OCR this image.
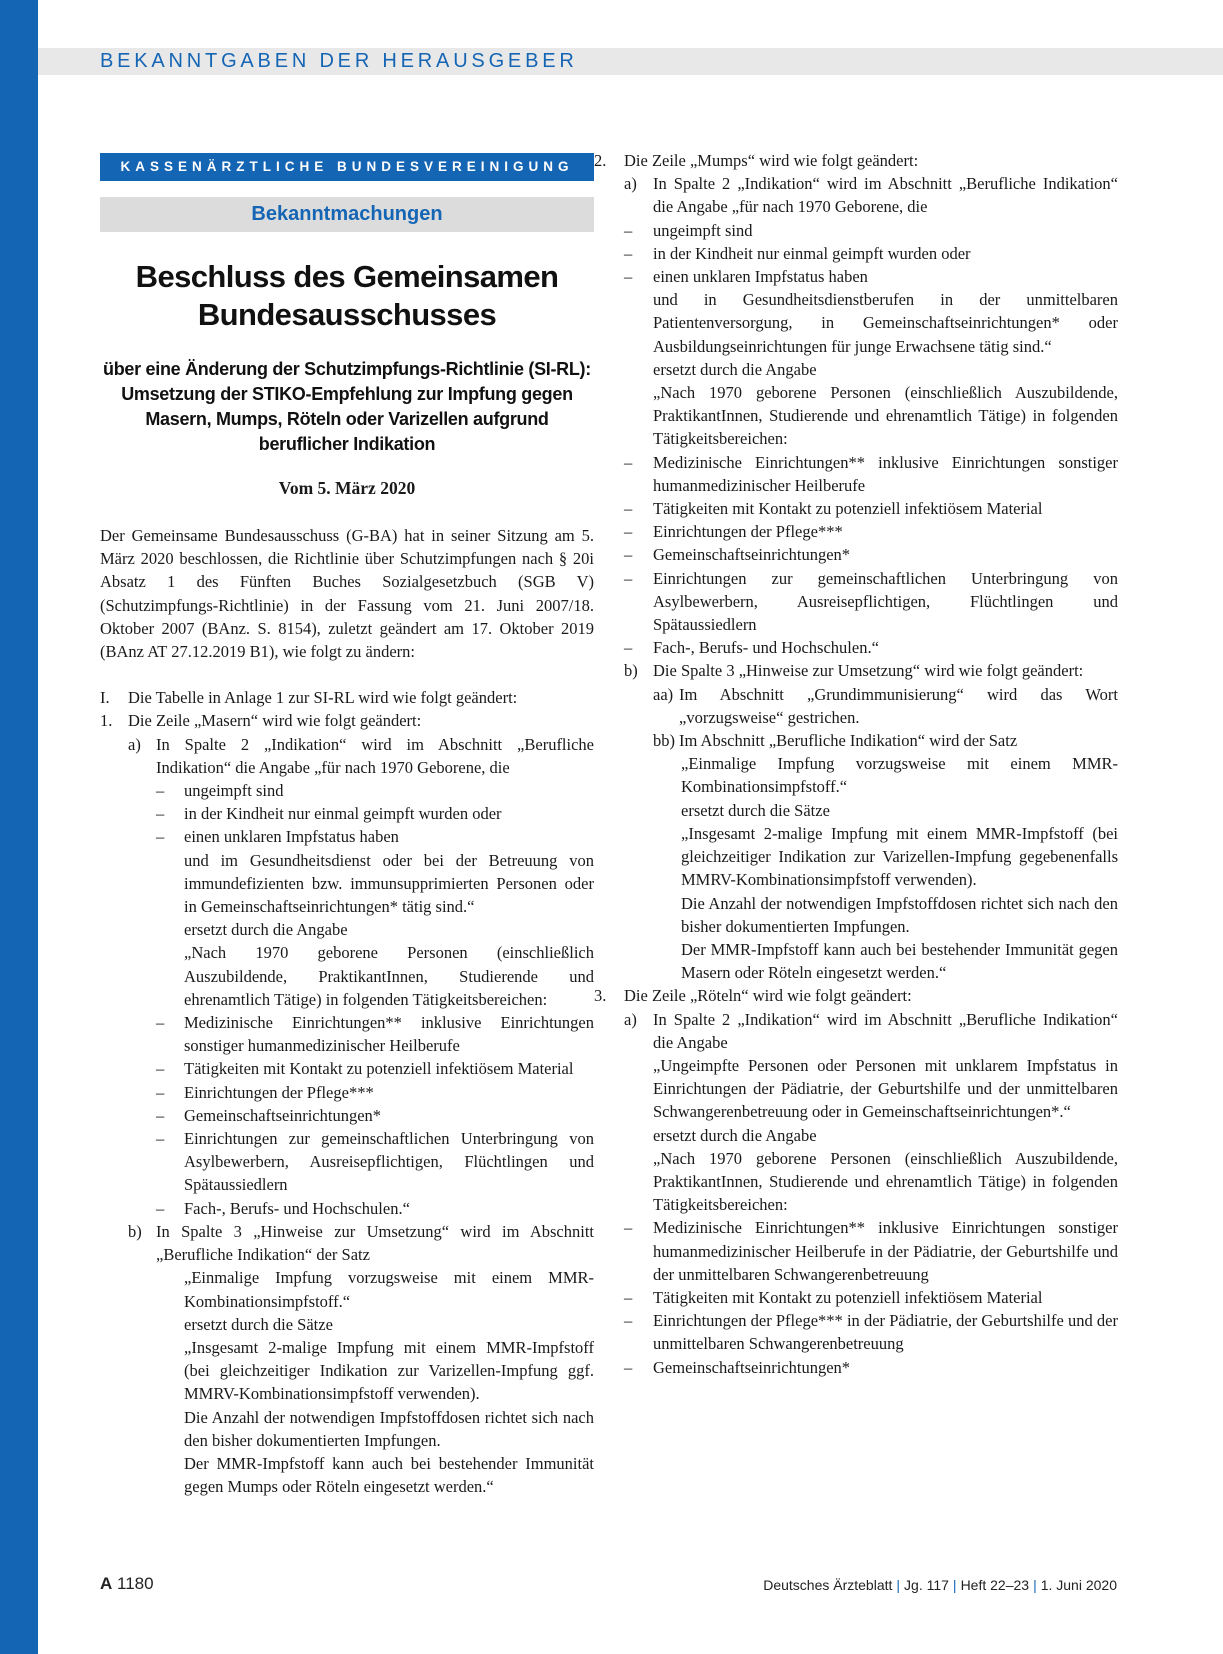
BEKANNTGABEN DER HERAUSGEBER
KASSENÄRZTLICHE BUNDESVEREINIGUNG
Bekanntmachungen
Beschluss des Gemeinsamen
Bundesausschusses
über eine Änderung der Schutzimpfungs-Richtlinie (SI-RL): Umsetzung der STIKO-Empfehlung zur Impfung gegen Masern, Mumps, Röteln oder Varizellen aufgrund beruflicher Indikation
Vom 5. März 2020

Der Gemeinsame Bundesausschuss (G-BA) hat in seiner Sitzung am 5. März 2020 beschlossen, die Richtlinie über Schutzimpfungen nach § 20i Absatz 1 des Fünften Buches Sozialgesetzbuch (SGB V) (Schutzimpfungs-Richtlinie) in der Fassung vom 21. Juni 2007/18. Oktober 2007 (BAnz. S. 8154), zuletzt geändert am 17. Oktober 2019 (BAnz AT 27.12.2019 B1), wie folgt zu ändern:

I. Die Tabelle in Anlage 1 zur SI-RL wird wie folgt geändert:
1. Die Zeile „Masern“ wird wie folgt geändert:
a) In Spalte 2 „Indikation“ wird im Abschnitt „Berufliche Indikation“ die Angabe „für nach 1970 Geborene, die
– ungeimpft sind
– in der Kindheit nur einmal geimpft wurden oder
– einen unklaren Impfstatus haben
und im Gesundheitsdienst oder bei der Betreuung von immundefizienten bzw. immunsupprimierten Personen oder in Gemeinschaftseinrichtungen* tätig sind.“
ersetzt durch die Angabe
„Nach 1970 geborene Personen (einschließlich Auszubildende, PraktikantInnen, Studierende und ehrenamtlich Tätige) in folgenden Tätigkeitsbereichen:
– Medizinische Einrichtungen** inklusive Einrichtungen sonstiger humanmedizinischer Heilberufe
– Tätigkeiten mit Kontakt zu potenziell infektiösem Material
– Einrichtungen der Pflege***
– Gemeinschaftseinrichtungen*
– Einrichtungen zur gemeinschaftlichen Unterbringung von Asylbewerbern, Ausreisepflichtigen, Flüchtlingen und Spätaussiedlern
– Fach-, Berufs- und Hochschulen.“
b) In Spalte 3 „Hinweise zur Umsetzung“ wird im Abschnitt „Berufliche Indikation“ der Satz
„Einmalige Impfung vorzugsweise mit einem MMR-Kombinationsimpfstoff.“
ersetzt durch die Sätze
„Insgesamt 2-malige Impfung mit einem MMR-Impfstoff (bei gleichzeitiger Indikation zur Varizellen-Impfung ggf. MMRV-Kombinationsimpfstoff verwenden).
Die Anzahl der notwendigen Impfstoffdosen richtet sich nach den bisher dokumentierten Impfungen.
Der MMR-Impfstoff kann auch bei bestehender Immunität gegen Mumps oder Röteln eingesetzt werden.“
2. Die Zeile „Mumps“ wird wie folgt geändert:
a) In Spalte 2 „Indikation“ wird im Abschnitt „Berufliche Indikation“ die Angabe „für nach 1970 Geborene, die
– ungeimpft sind
– in der Kindheit nur einmal geimpft wurden oder
– einen unklaren Impfstatus haben
und in Gesundheitsdienstberufen in der unmittelbaren Patientenversorgung, in Gemeinschaftseinrichtungen* oder Ausbildungseinrichtungen für junge Erwachsene tätig sind.“
ersetzt durch die Angabe
„Nach 1970 geborene Personen (einschließlich Auszubildende, PraktikantInnen, Studierende und ehrenamtlich Tätige) in folgenden Tätigkeitsbereichen:
– Medizinische Einrichtungen** inklusive Einrichtungen sonstiger humanmedizinischer Heilberufe
– Tätigkeiten mit Kontakt zu potenziell infektiösem Material
– Einrichtungen der Pflege***
– Gemeinschaftseinrichtungen*
– Einrichtungen zur gemeinschaftlichen Unterbringung von Asylbewerbern, Ausreisepflichtigen, Flüchtlingen und Spätaussiedlern
– Fach-, Berufs- und Hochschulen.“
b) Die Spalte 3 „Hinweise zur Umsetzung“ wird wie folgt geändert:
aa) Im Abschnitt „Grundimmunisierung“ wird das Wort „vorzugsweise“ gestrichen.
bb) Im Abschnitt „Berufliche Indikation“ wird der Satz
„Einmalige Impfung vorzugsweise mit einem MMR-Kombinationsimpfstoff.“
ersetzt durch die Sätze
„Insgesamt 2-malige Impfung mit einem MMR-Impfstoff (bei gleichzeitiger Indikation zur Varizellen-Impfung gegebenenfalls MMRV-Kombinationsimpfstoff verwenden).
Die Anzahl der notwendigen Impfstoffdosen richtet sich nach den bisher dokumentierten Impfungen.
Der MMR-Impfstoff kann auch bei bestehender Immunität gegen Masern oder Röteln eingesetzt werden.“
3. Die Zeile „Röteln“ wird wie folgt geändert:
a) In Spalte 2 „Indikation“ wird im Abschnitt „Berufliche Indikation“ die Angabe
„Ungeimpfte Personen oder Personen mit unklarem Impfstatus in Einrichtungen der Pädiatrie, der Geburtshilfe und der unmittelbaren Schwangerenbetreuung oder in Gemeinschaftseinrichtungen*.“
ersetzt durch die Angabe
„Nach 1970 geborene Personen (einschließlich Auszubildende, PraktikantInnen, Studierende und ehrenamtlich Tätige) in folgenden Tätigkeitsbereichen:
– Medizinische Einrichtungen** inklusive Einrichtungen sonstiger humanmedizinischer Heilberufe in der Pädiatrie, der Geburtshilfe und der unmittelbaren Schwangerenbetreuung
– Tätigkeiten mit Kontakt zu potenziell infektiösem Material
– Einrichtungen der Pflege*** in der Pädiatrie, der Geburtshilfe und der unmittelbaren Schwangerenbetreuung
– Gemeinschaftseinrichtungen*
A 1180	Deutsches Ärzteblatt | Jg. 117 | Heft 22–23 | 1. Juni 2020
